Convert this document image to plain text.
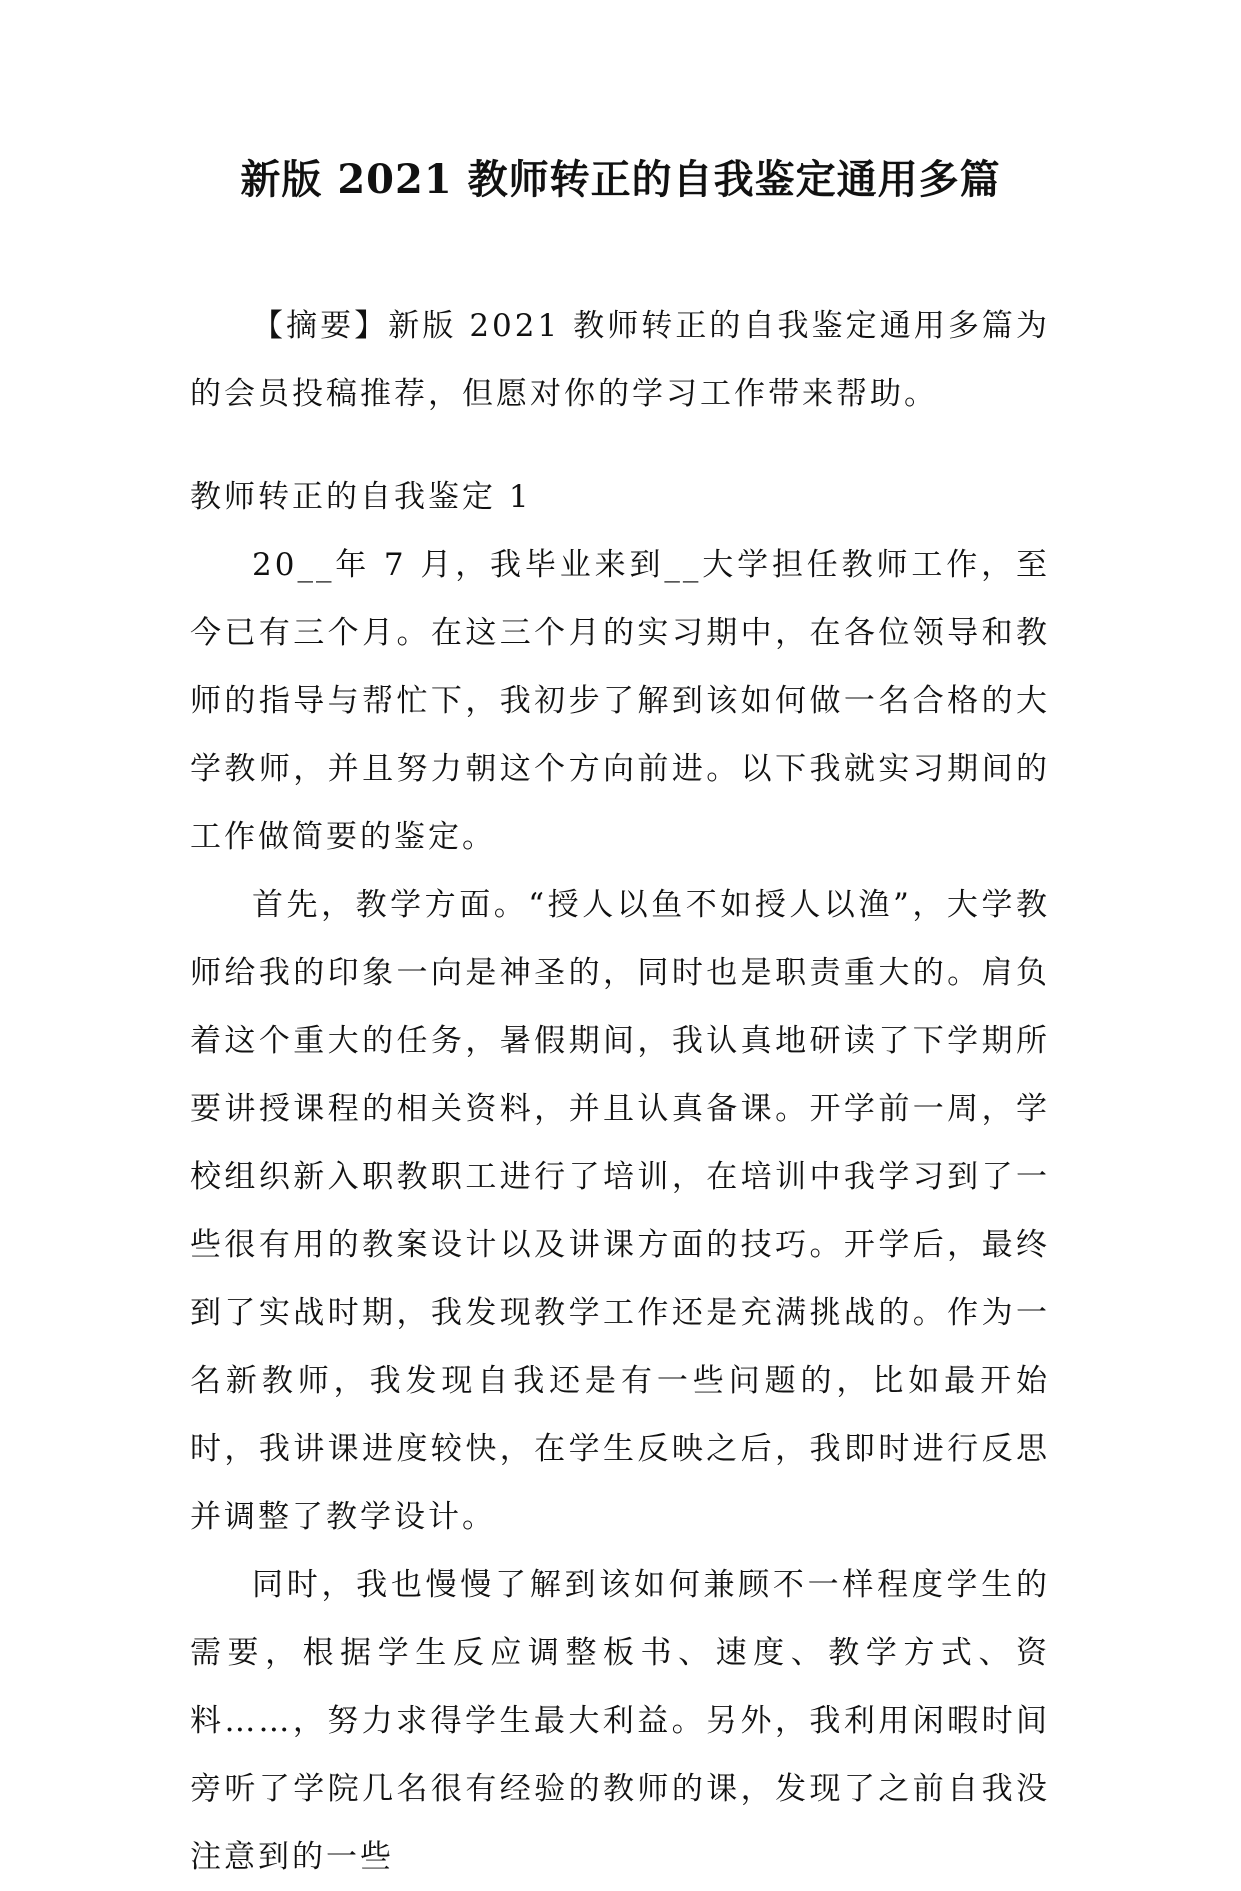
新版 2021 教师转正的自我鉴定通用多篇

【摘要】新版 2021 教师转正的自我鉴定通用多篇为的会员投稿推荐，但愿对你的学习工作带来帮助。

教师转正的自我鉴定 1

20__年 7 月，我毕业来到__大学担任教师工作，至今已有三个月。在这三个月的实习期中，在各位领导和教师的指导与帮忙下，我初步了解到该如何做一名合格的大学教师，并且努力朝这个方向前进。以下我就实习期间的工作做简要的鉴定。

首先，教学方面。“授人以鱼不如授人以渔”，大学教师给我的印象一向是神圣的，同时也是职责重大的。肩负着这个重大的任务，暑假期间，我认真地研读了下学期所要讲授课程的相关资料，并且认真备课。开学前一周，学校组织新入职教职工进行了培训，在培训中我学习到了一些很有用的教案设计以及讲课方面的技巧。开学后，最终到了实战时期，我发现教学工作还是充满挑战的。作为一名新教师，我发现自我还是有一些问题的，比如最开始时，我讲课进度较快，在学生反映之后，我即时进行反思并调整了教学设计。

同时，我也慢慢了解到该如何兼顾不一样程度学生的需要，根据学生反应调整板书、速度、教学方式、资料……，努力求得学生最大利益。另外，我利用闲暇时间旁听了学院几名很有经验的教师的课，发现了之前自我没注意到的一些
